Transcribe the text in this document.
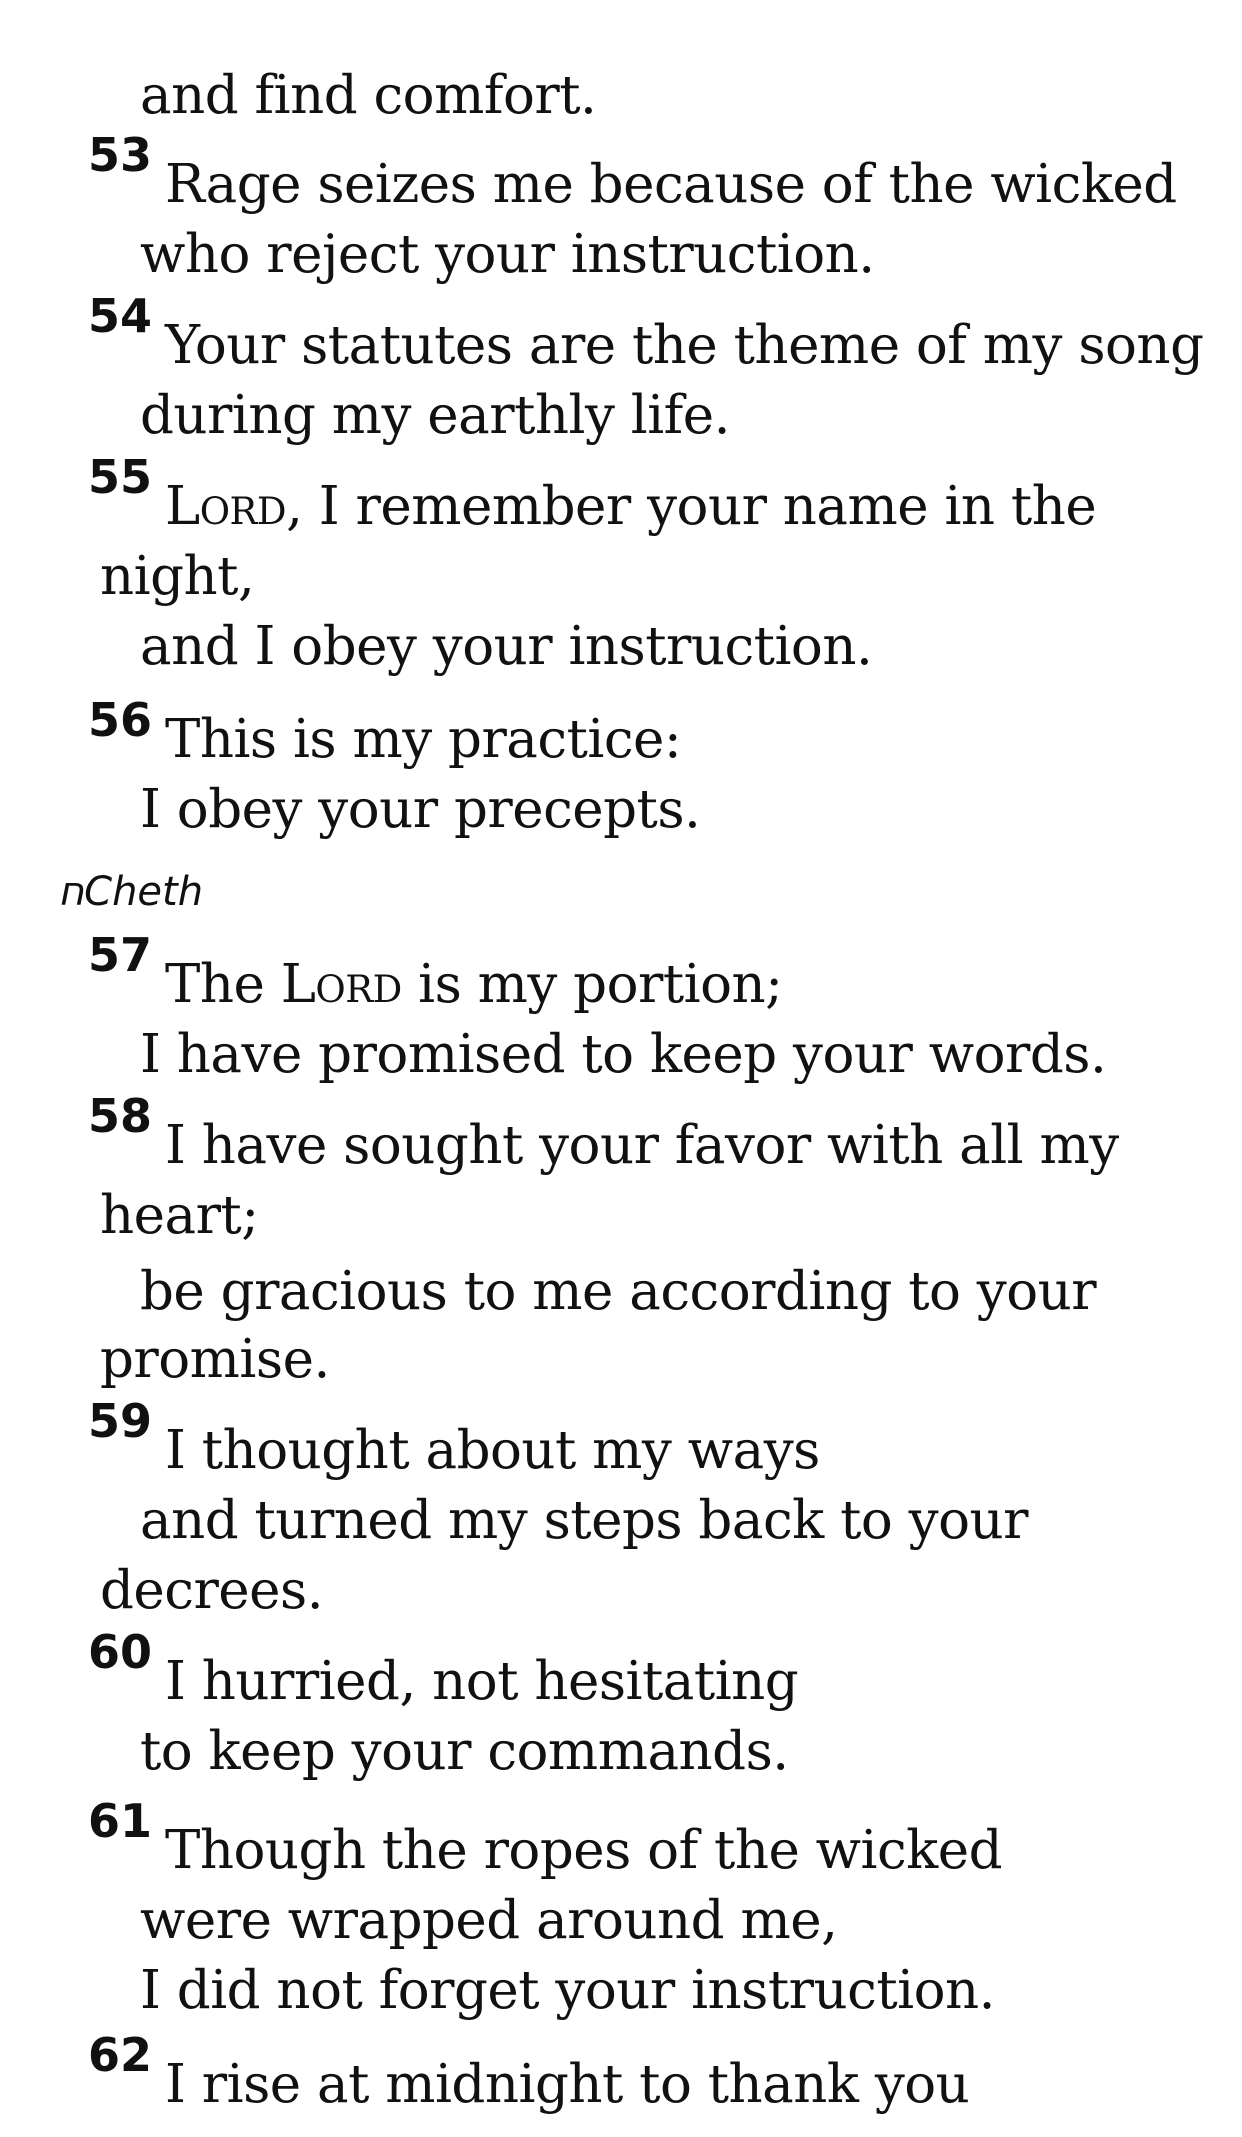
and find comfort.
53 Rage seizes me because of the wicked
who reject your instruction.
54 Your statutes are the theme of my song
during my earthly life.
55 Lord, I remember your name in the
night,
and I obey your instruction.
56 This is my practice:
I obey your precepts.
חCheth
57 The Lord is my portion;
I have promised to keep your words.
58 I have sought your favor with all my
heart;
be gracious to me according to your
promise.
59 I thought about my ways
and turned my steps back to your
decrees.
60 I hurried, not hesitating
to keep your commands.
61 Though the ropes of the wicked
were wrapped around me,
I did not forget your instruction.
62 I rise at midnight to thank you
